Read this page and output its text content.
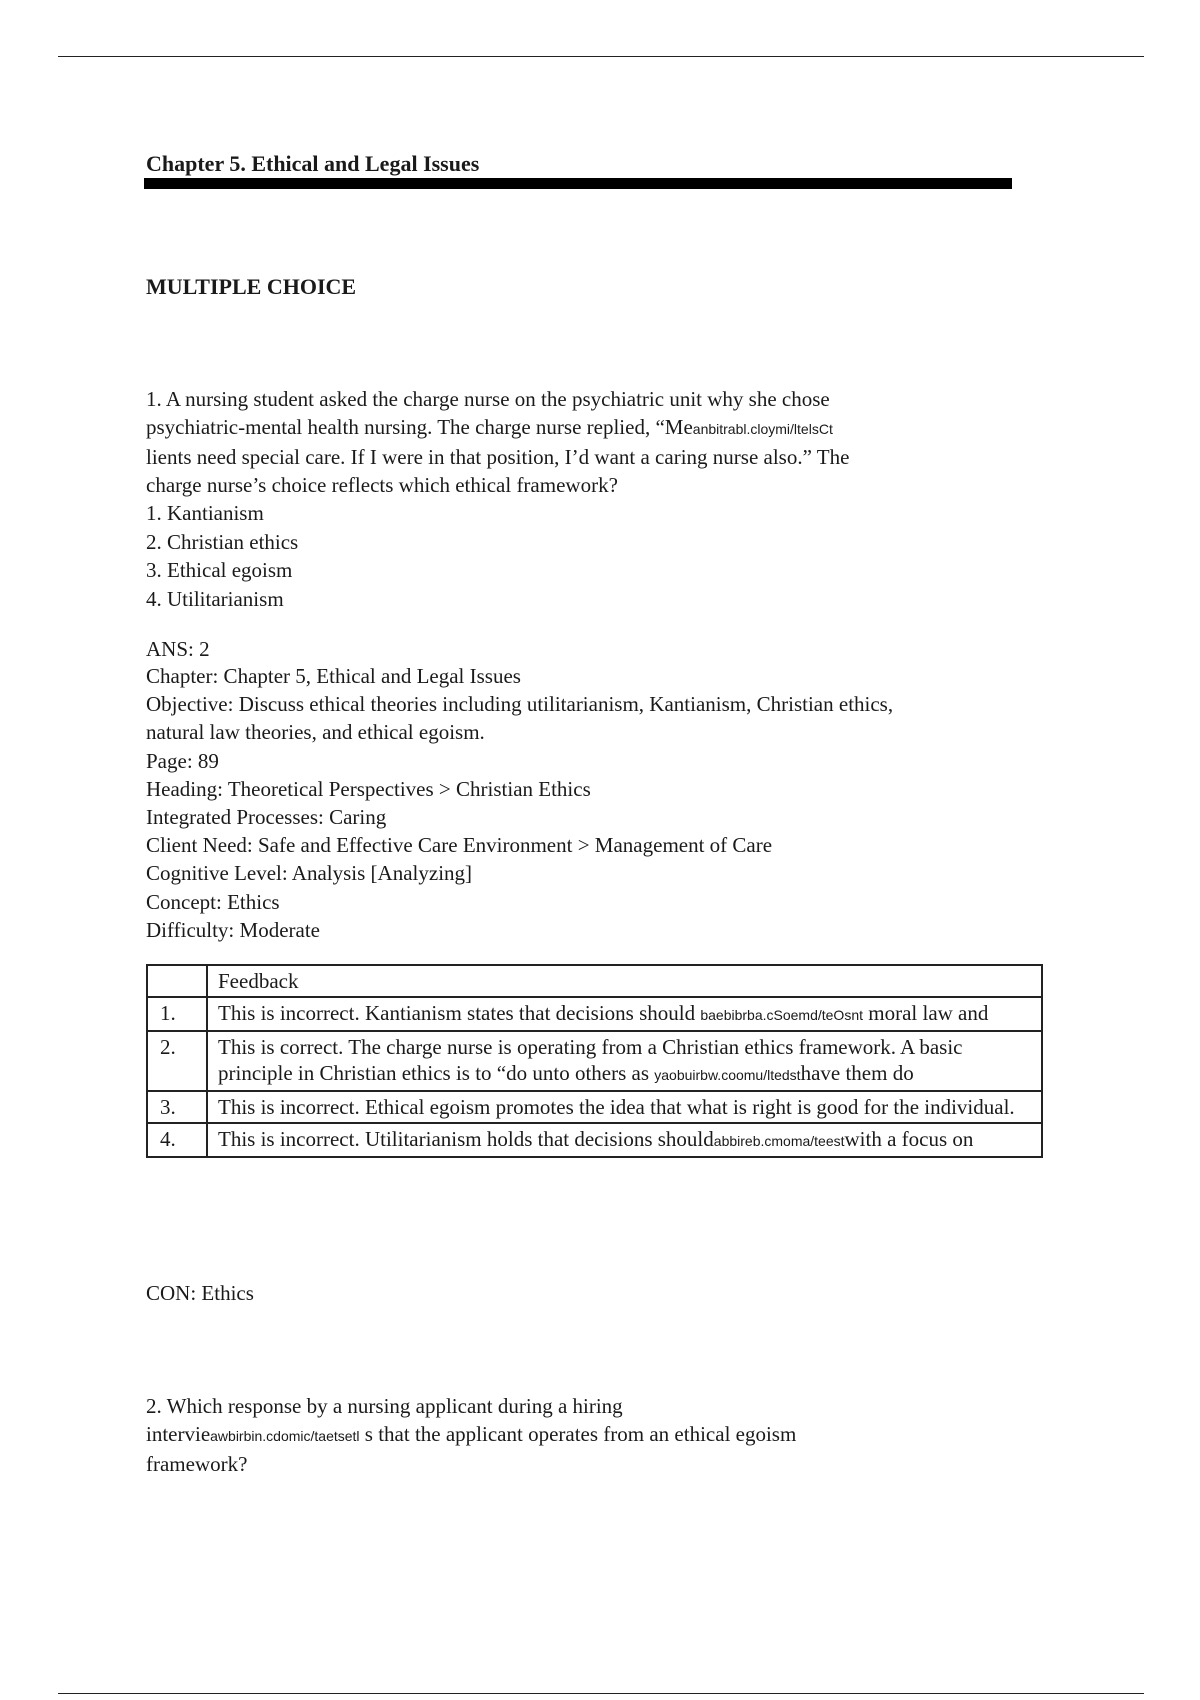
Chapter 5. Ethical and Legal Issues
MULTIPLE CHOICE

1. A nursing student asked the charge nurse on the psychiatric unit why she chose

psychiatric-mental health nursing. The charge nurse replied, “Meanbitrabl.cloymi/ltelsCt

lients need special care. If I were in that position, I’d want a caring nurse also.” The

charge nurse’s choice reflects which ethical framework?

1. Kantianism
2. Christian ethics
3. Ethical egoism
4. Utilitarianism
ANS: 2
Chapter: Chapter 5, Ethical and Legal Issues
Objective: Discuss ethical theories including utilitarianism, Kantianism, Christian ethics,
natural law theories, and ethical egoism.
Page: 89
Heading: Theoretical Perspectives > Christian Ethics
Integrated Processes: Caring
Client Need: Safe and Effective Care Environment > Management of Care
Cognitive Level: Analysis [Analyzing]
Concept: Ethics
Difficulty: Moderate
	Feedback
1.	This is incorrect. Kantianism states that decisions should baebibrba.cSoemd/teOsnt moral law and
2.	This is correct. The charge nurse is operating from a Christian ethics framework. A basic principle in Christian ethics is to “do unto others as yaobuirbw.coomu/ltedsthave them do
3.	This is incorrect. Ethical egoism promotes the idea that what is right is good for the individual.
4.	This is incorrect. Utilitarianism holds that decisions shouldabbireb.cmoma/teestwith a focus on
CON: Ethics

2. Which response by a nursing applicant during a hiring

intervieawbirbin.cdomic/taetsetl s that the applicant operates from an ethical egoism

framework?
